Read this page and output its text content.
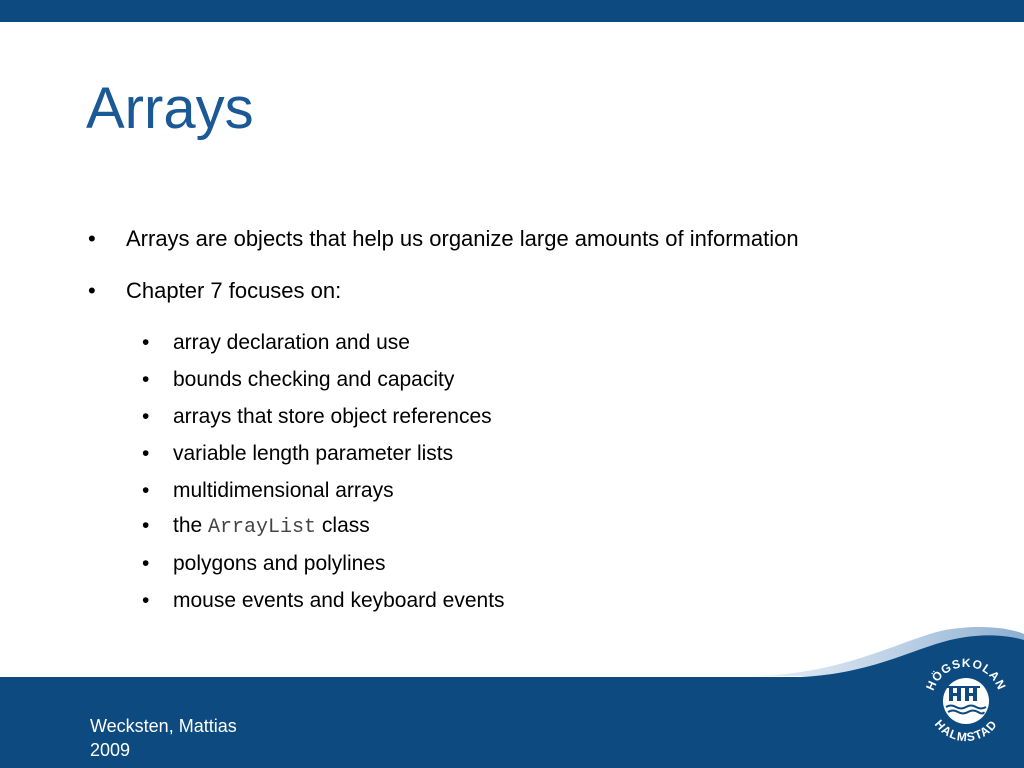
Arrays
• Arrays are objects that help us organize large amounts of information
• Chapter 7 focuses on:
• array declaration and use
• bounds checking and capacity
• arrays that store object references
• variable length parameter lists
• multidimensional arrays
• the ArrayList class
• polygons and polylines
• mouse events and keyboard events
Wecksten, Mattias
2009
HÖGSKOLAN
HALMSTAD
